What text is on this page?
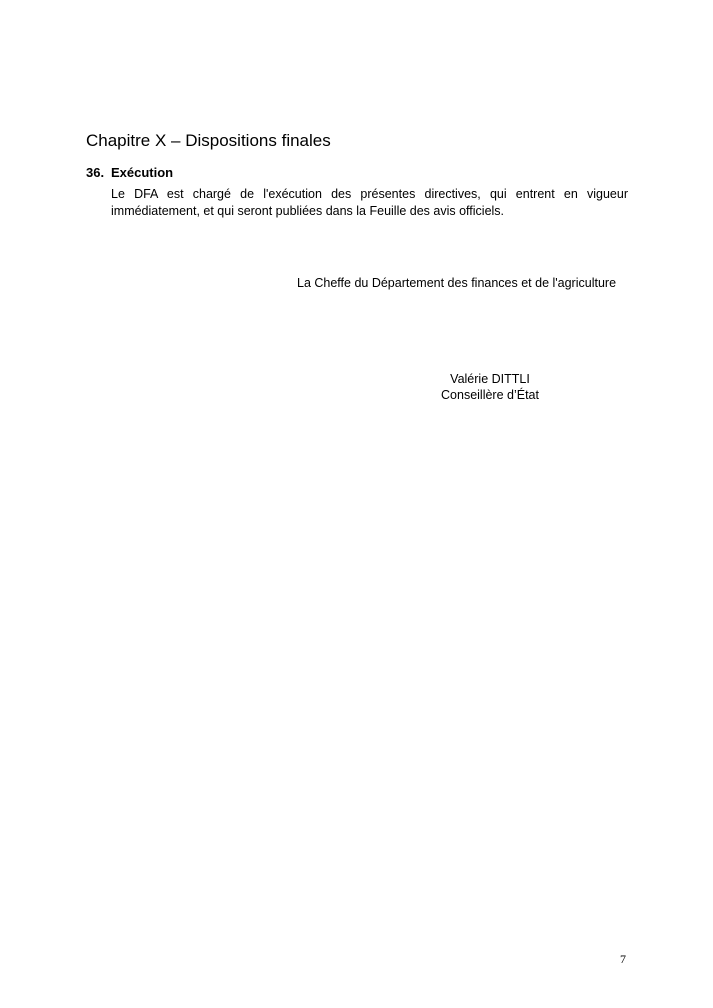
Chapitre X – Dispositions finales
36. Exécution

Le DFA est chargé de l'exécution des présentes directives, qui entrent en vigueur immédiatement, et qui seront publiées dans la Feuille des avis officiels.

La Cheffe du Département des finances et de l'agriculture

Valérie DITTLI
Conseillère d’État
7
